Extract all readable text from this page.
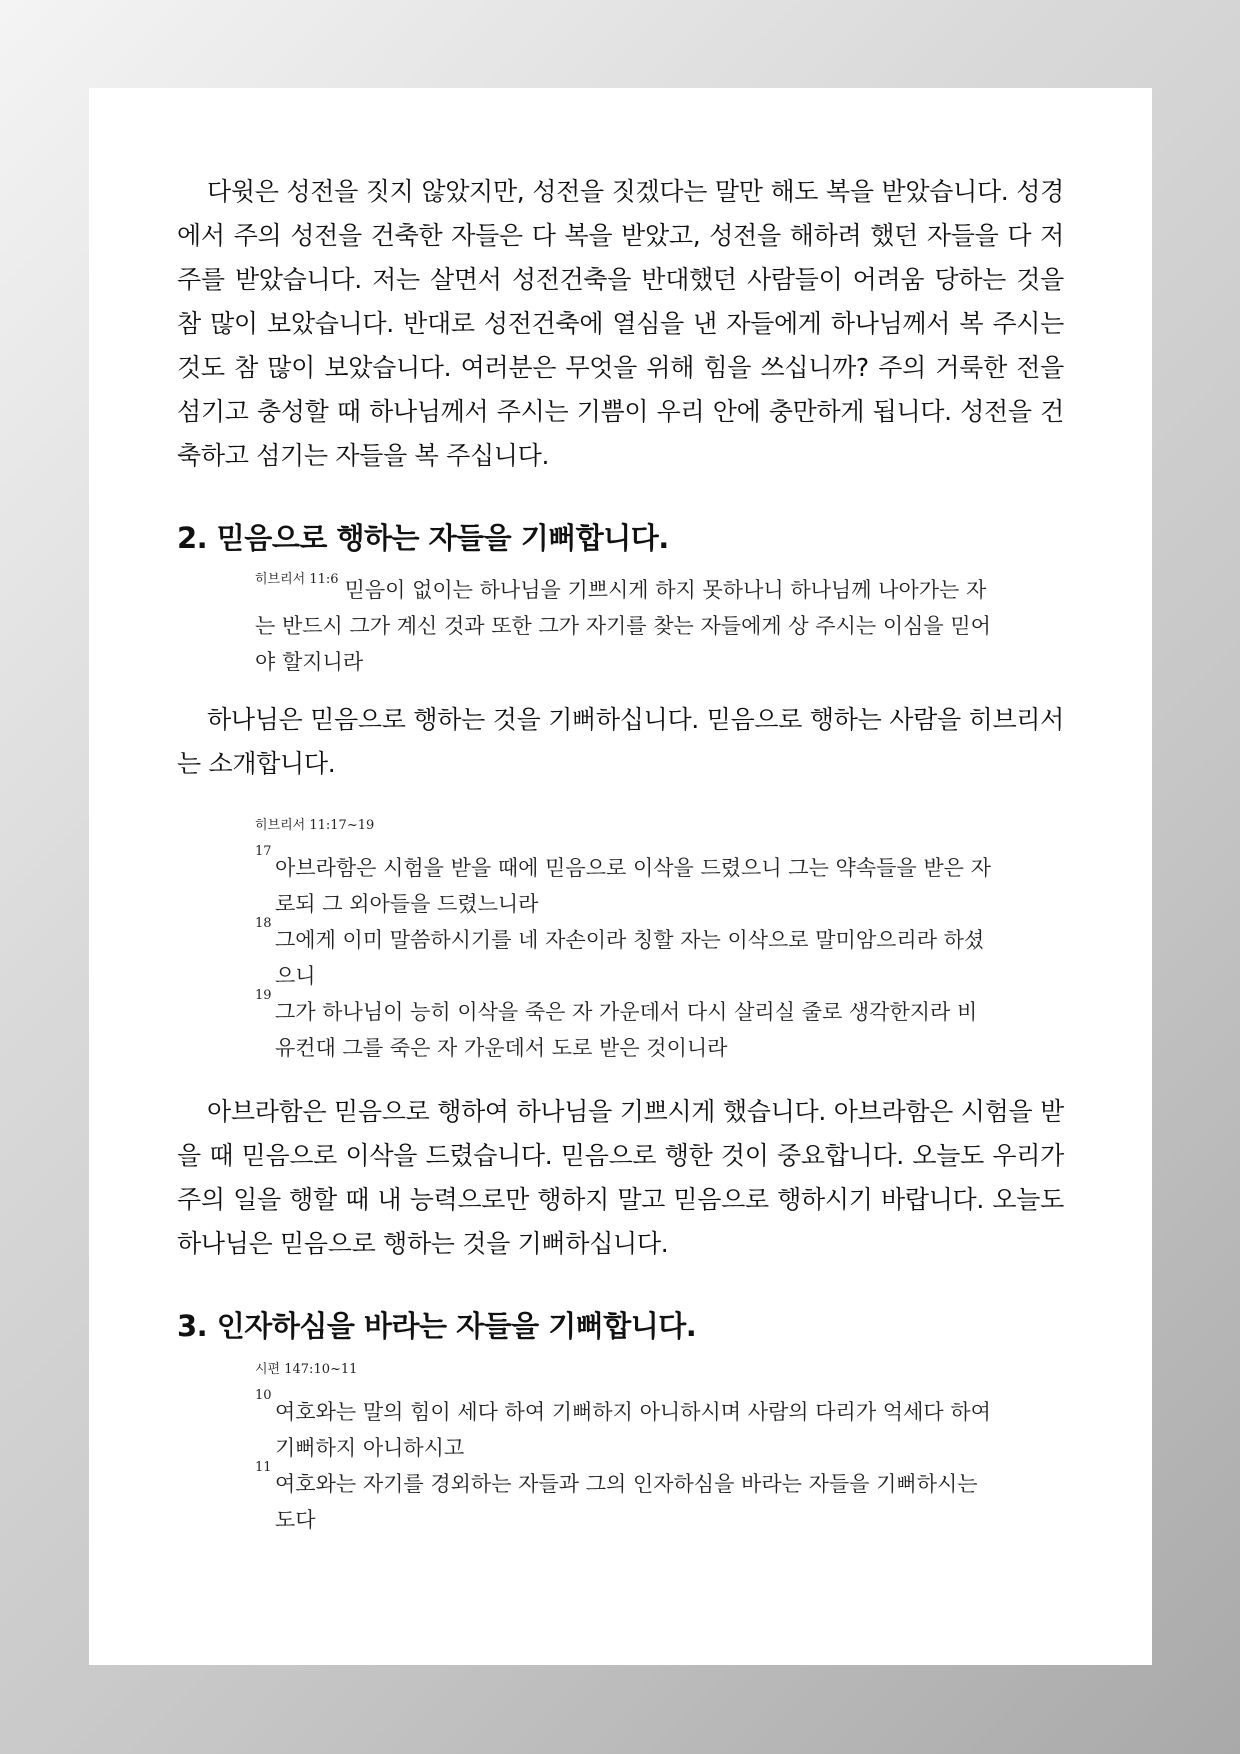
다윗은 성전을 짓지 않았지만, 성전을 짓겠다는 말만 해도 복을 받았습니다. 성경에서 주의 성전을 건축한 자들은 다 복을 받았고, 성전을 해하려 했던 자들을 다 저주를 받았습니다. 저는 살면서 성전건축을 반대했던 사람들이 어려움 당하는 것을 참 많이 보았습니다. 반대로 성전건축에 열심을 낸 자들에게 하나님께서 복 주시는 것도 참 많이 보았습니다. 여러분은 무엇을 위해 힘을 쓰십니까? 주의 거룩한 전을 섬기고 충성할 때 하나님께서 주시는 기쁨이 우리 안에 충만하게 됩니다. 성전을 건축하고 섬기는 자들을 복 주십니다.

2. 믿음으로 행하는 자들을 기뻐합니다.

$^{히브리서 11:6}$ 믿음이 없이는 하나님을 기쁘시게 하지 못하나니 하나님께 나아가는 자는 반드시 그가 계신 것과 또한 그가 자기를 찾는 자들에게 상 주시는 이심을 믿어야 할지니라

하나님은 믿음으로 행하는 것을 기뻐하십니다. 믿음으로 행하는 사람을 히브리서는 소개합니다.

히브리서 11:17~19

17
아브라함은 시험을 받을 때에 믿음으로 이삭을 드렸으니 그는 약속들을 받은 자로되 그 외아들을 드렸느니라

18
그에게 이미 말씀하시기를 네 자손이라 칭할 자는 이삭으로 말미암으리라 하셨으니

19
그가 하나님이 능히 이삭을 죽은 자 가운데서 다시 살리실 줄로 생각한지라 비유컨대 그를 죽은 자 가운데서 도로 받은 것이니라

아브라함은 믿음으로 행하여 하나님을 기쁘시게 했습니다. 아브라함은 시험을 받을 때 믿음으로 이삭을 드렸습니다. 믿음으로 행한 것이 중요합니다. 오늘도 우리가 주의 일을 행할 때 내 능력으로만 행하지 말고 믿음으로 행하시기 바랍니다. 오늘도 하나님은 믿음으로 행하는 것을 기뻐하십니다.

3. 인자하심을 바라는 자들을 기뻐합니다.

시편 147:10~11

10
여호와는 말의 힘이 세다 하여 기뻐하지 아니하시며 사람의 다리가 억세다 하여 기뻐하지 아니하시고

11
여호와는 자기를 경외하는 자들과 그의 인자하심을 바라는 자들을 기뻐하시는도다
